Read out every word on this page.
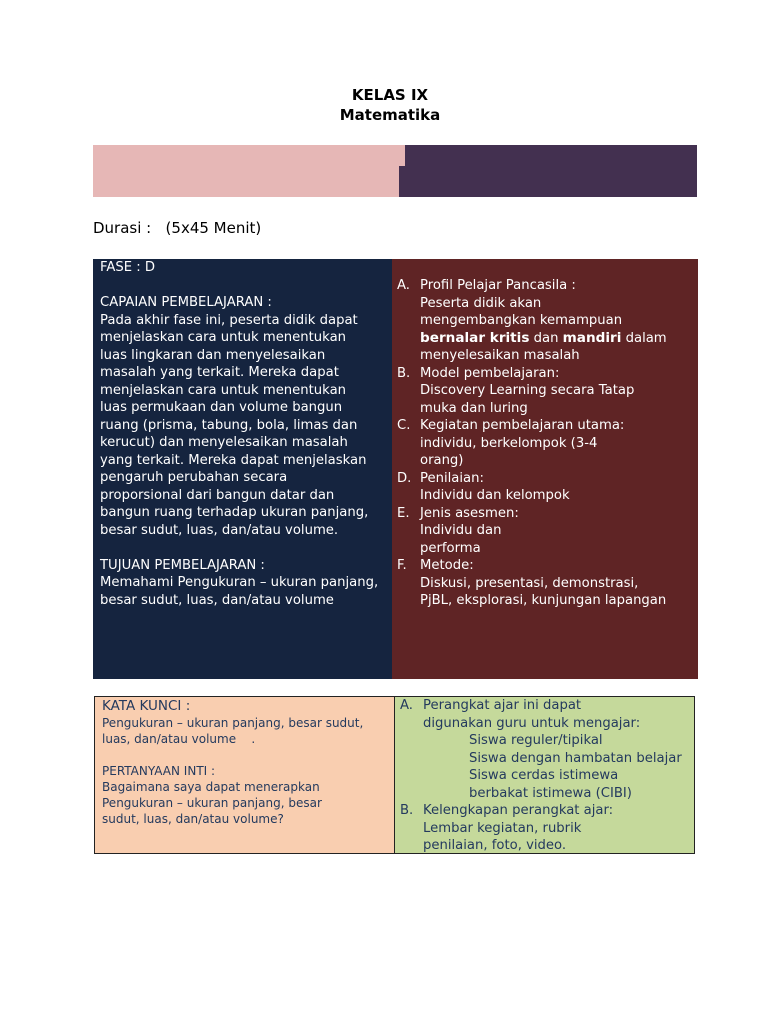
KELAS IX
Matematika
Durasi : (5x45 Menit)

FASE : D

CAPAIAN PEMBELAJARAN :

Pada akhir fase ini, peserta didik dapat

menjelaskan cara untuk menentukan

luas lingkaran dan menyelesaikan

masalah yang terkait. Mereka dapat

menjelaskan cara untuk menentukan

luas permukaan dan volume bangun

ruang (prisma, tabung, bola, limas dan

kerucut) dan menyelesaikan masalah

yang terkait. Mereka dapat menjelaskan

pengaruh perubahan secara

proporsional dari bangun datar dan

bangun ruang terhadap ukuran panjang,

besar sudut, luas, dan/atau volume.

TUJUAN PEMBELAJARAN :

Memahami Pengukuran – ukuran panjang,

besar sudut, luas, dan/atau volume

A. Profil Pelajar Pancasila :
Peserta didik akan
mengembangkan kemampuan
bernalar kritis dan mandiri dalam
menyelesaikan masalah
B. Model pembelajaran:
Discovery Learning secara Tatap
muka dan luring
C. Kegiatan pembelajaran utama:
individu, berkelompok (3-4
orang)
D. Penilaian:
Individu dan kelompok
E. Jenis asesmen:
Individu dan
performa
F. Metode:
Diskusi, presentasi, demonstrasi,
PjBL, eksplorasi, kunjungan lapangan

KATA KUNCI :

Pengukuran – ukuran panjang, besar sudut,

luas, dan/atau volume    .

PERTANYAAN INTI :

Bagaimana saya dapat menerapkan

Pengukuran – ukuran panjang, besar

sudut, luas, dan/atau volume?

A. Perangkat ajar ini dapat
digunakan guru untuk mengajar:
Siswa reguler/tipikal
Siswa dengan hambatan belajar
Siswa cerdas istimewa
berbakat istimewa (CIBI)
B. Kelengkapan perangkat ajar:
Lembar kegiatan, rubrik
penilaian, foto, video.
